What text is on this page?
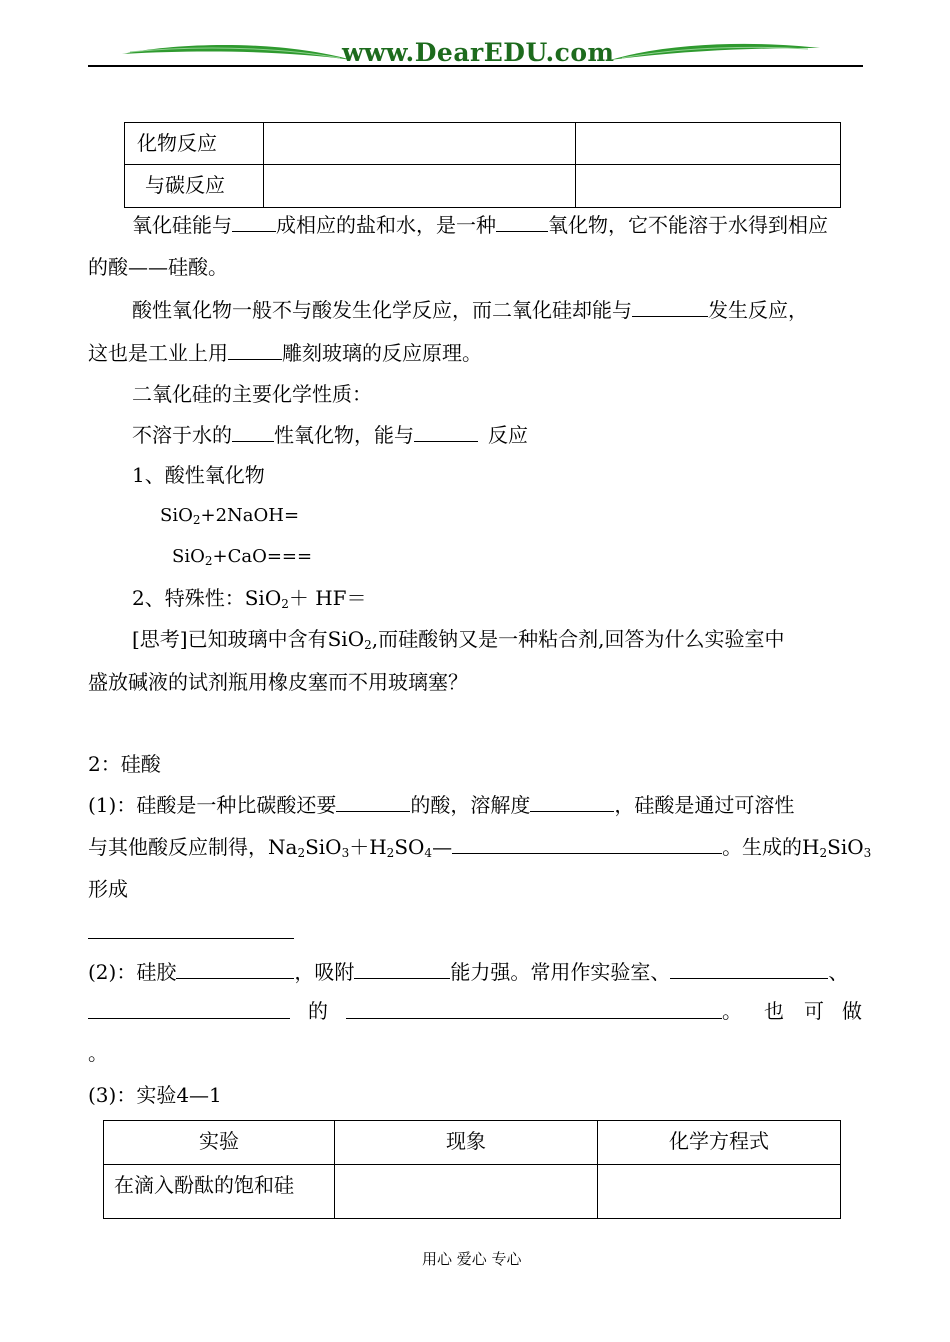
www.DearEDU.com
化物反应		
与碳反应		
氧化硅能与 成相应的盐和水，是一种	氧化物，它不能溶于水得到相应
的酸——硅酸。
酸性氧化物一般不与酸发生化学反应，而二氧化硅却能与	发生反应，
这也是工业上用	雕刻玻璃的反应原理。
二氧化硅的主要化学性质：
不溶于水的 性氧化物，能与	反应
1、酸性氧化物
SiO$_2$+2NaOH=
SiO$_2$+CaO===
2、特殊性：SiO$_2$＋ HF＝
[思考]已知玻璃中含有SiO$_2$,而硅酸钠又是一种粘合剂,回答为什么实验室中
盛放碱液的试剂瓶用橡皮塞而不用玻璃塞？
2：硅酸
(1)：硅酸是一种比碳酸还要	的酸，溶解度	，硅酸是通过可溶性
与其他酸反应制得，$Na_2SiO_3+H_2SO_4—$	。生成的$H_2SiO_3$
形成
(2)：硅胶	，吸附	能力强。常用作实验室、	、
的	。 也 可 做
。
(3)：实验4—1
实验	现象	化学方程式
在滴入酚酞的饱和硅		
用心 爱心 专心
